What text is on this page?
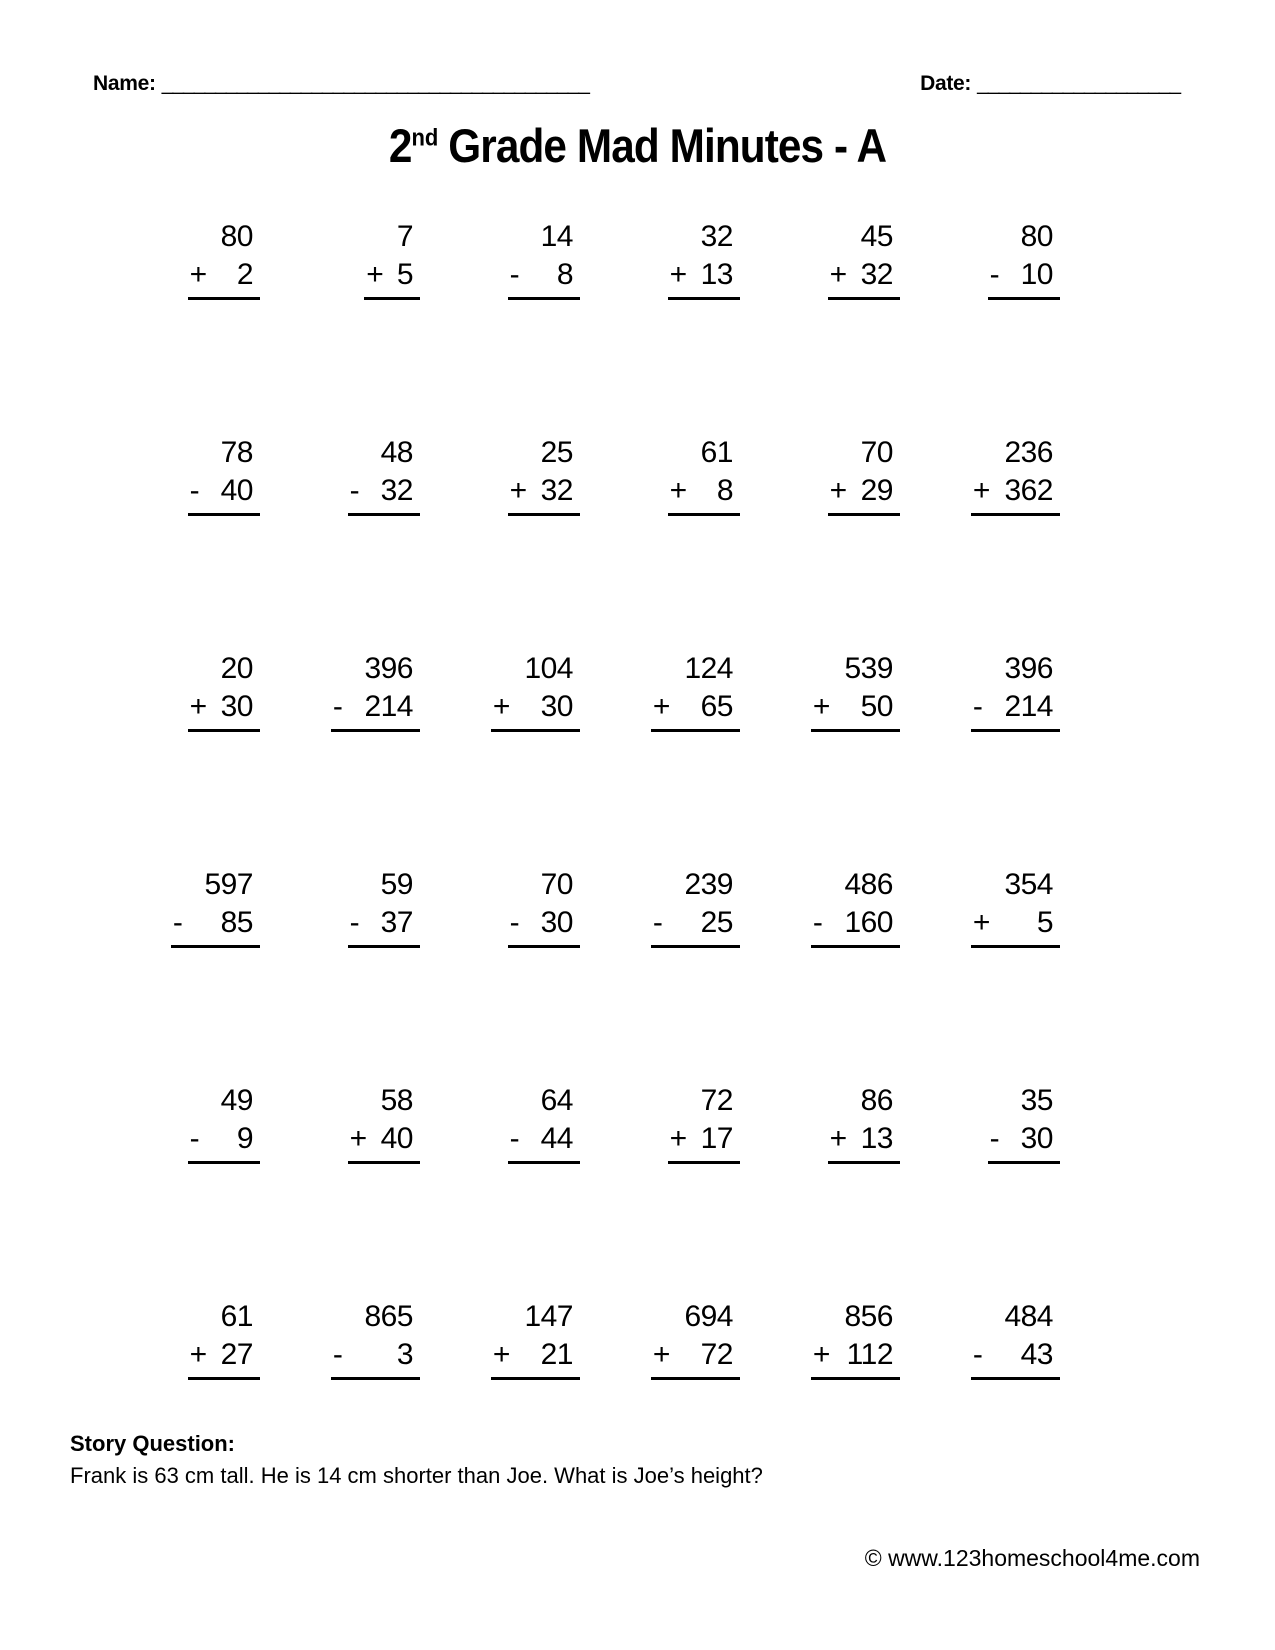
Name: ________________________________________	Date: ___________________
2nd Grade Mad Minutes - A
80
+ 2
7
+ 5
14
- 8
32
+ 13
45
+ 32
80
- 10
78
- 40
48
- 32
25
+ 32
61
+ 8
70
+ 29
236
+ 362
20
+ 30
396
- 214
104
+ 30
124
+ 65
539
+ 50
396
- 214
597
- 85
59
- 37
70
- 30
239
- 25
486
- 160
354
+ 5
49
- 9
58
+ 40
64
- 44
72
+ 17
86
+ 13
35
- 30
61
+ 27
865
- 3
147
+ 21
694
+ 72
856
+ 112
484
- 43
Story Question:
Frank is 63 cm tall. He is 14 cm shorter than Joe. What is Joe’s height?
© www.123homeschool4me.com
